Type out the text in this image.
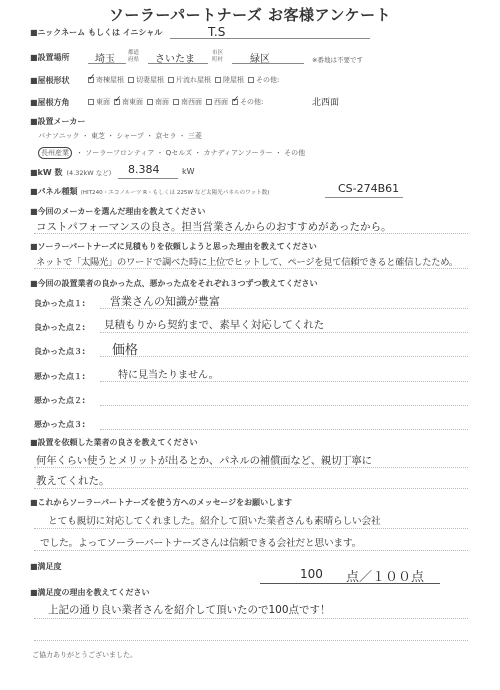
ソーラーパートナーズ お客様アンケート
■ニックネーム もしくは イニシャル	T.S
■設置場所	埼玉
都道府県 さいたま
市区町村	緑区	※番地は不要です
■屋根形状 ✓	寄棟屋根	切妻屋根	片流れ屋根	陸屋根	その他:
■屋根方角	東面 ✓	南東面	南面	南西面	西面 ✓	その他:	北西面
■設置メーカー
パナソニック ・ 東芝 ・ シャープ ・ 京セラ ・ 三菱
長州産業	・ ソーラーフロンティア ・ Qセルズ ・ カナディアンソーラー ・ その他
■kW 数 (4.32kW など) 8.384	kW
■パネル種類 (HIT240・エコノルーツ R・もしくは 225W など太陽光パネルのワット数)	CS-274B61
■今回のメーカーを選んだ理由を教えてください
コストパフォーマンスの良さ。担当営業さんからのおすすめがあったから。
■ソーラーパートナーズに見積もりを依頼しようと思った理由を教えてください
ネットで「太陽光」のワードで調べた時に上位でヒットして、ページを見て信頼できると確信したため。
■今回の設置業者の良かった点、悪かった点をそれぞれ３つずつ教えてください
良かった点１: 営業さんの知識が豊富
良かった点２: 見積もりから契約まで、素早く対応してくれた
良かった点３: 価格
悪かった点１:	特に見当たりません。
悪かった点２:
悪かった点３:
■設置を依頼した業者の良さを教えてください
何年くらい使うとメリットが出るとか、パネルの補償面など、親切丁寧に
教えてくれた。
■これからソーラーパートナーズを使う方へのメッセージをお願いします
とても親切に対応してくれました。紹介して頂いた業者さんも素晴らしい会社
でした。よってソーラーパートナーズさんは信頼できる会社だと思います。
■満足度
100 点／１００点
■満足度の理由を教えてください
上記の通り良い業者さんを紹介して頂いたので100点です！
ご協力ありがとうございました。
